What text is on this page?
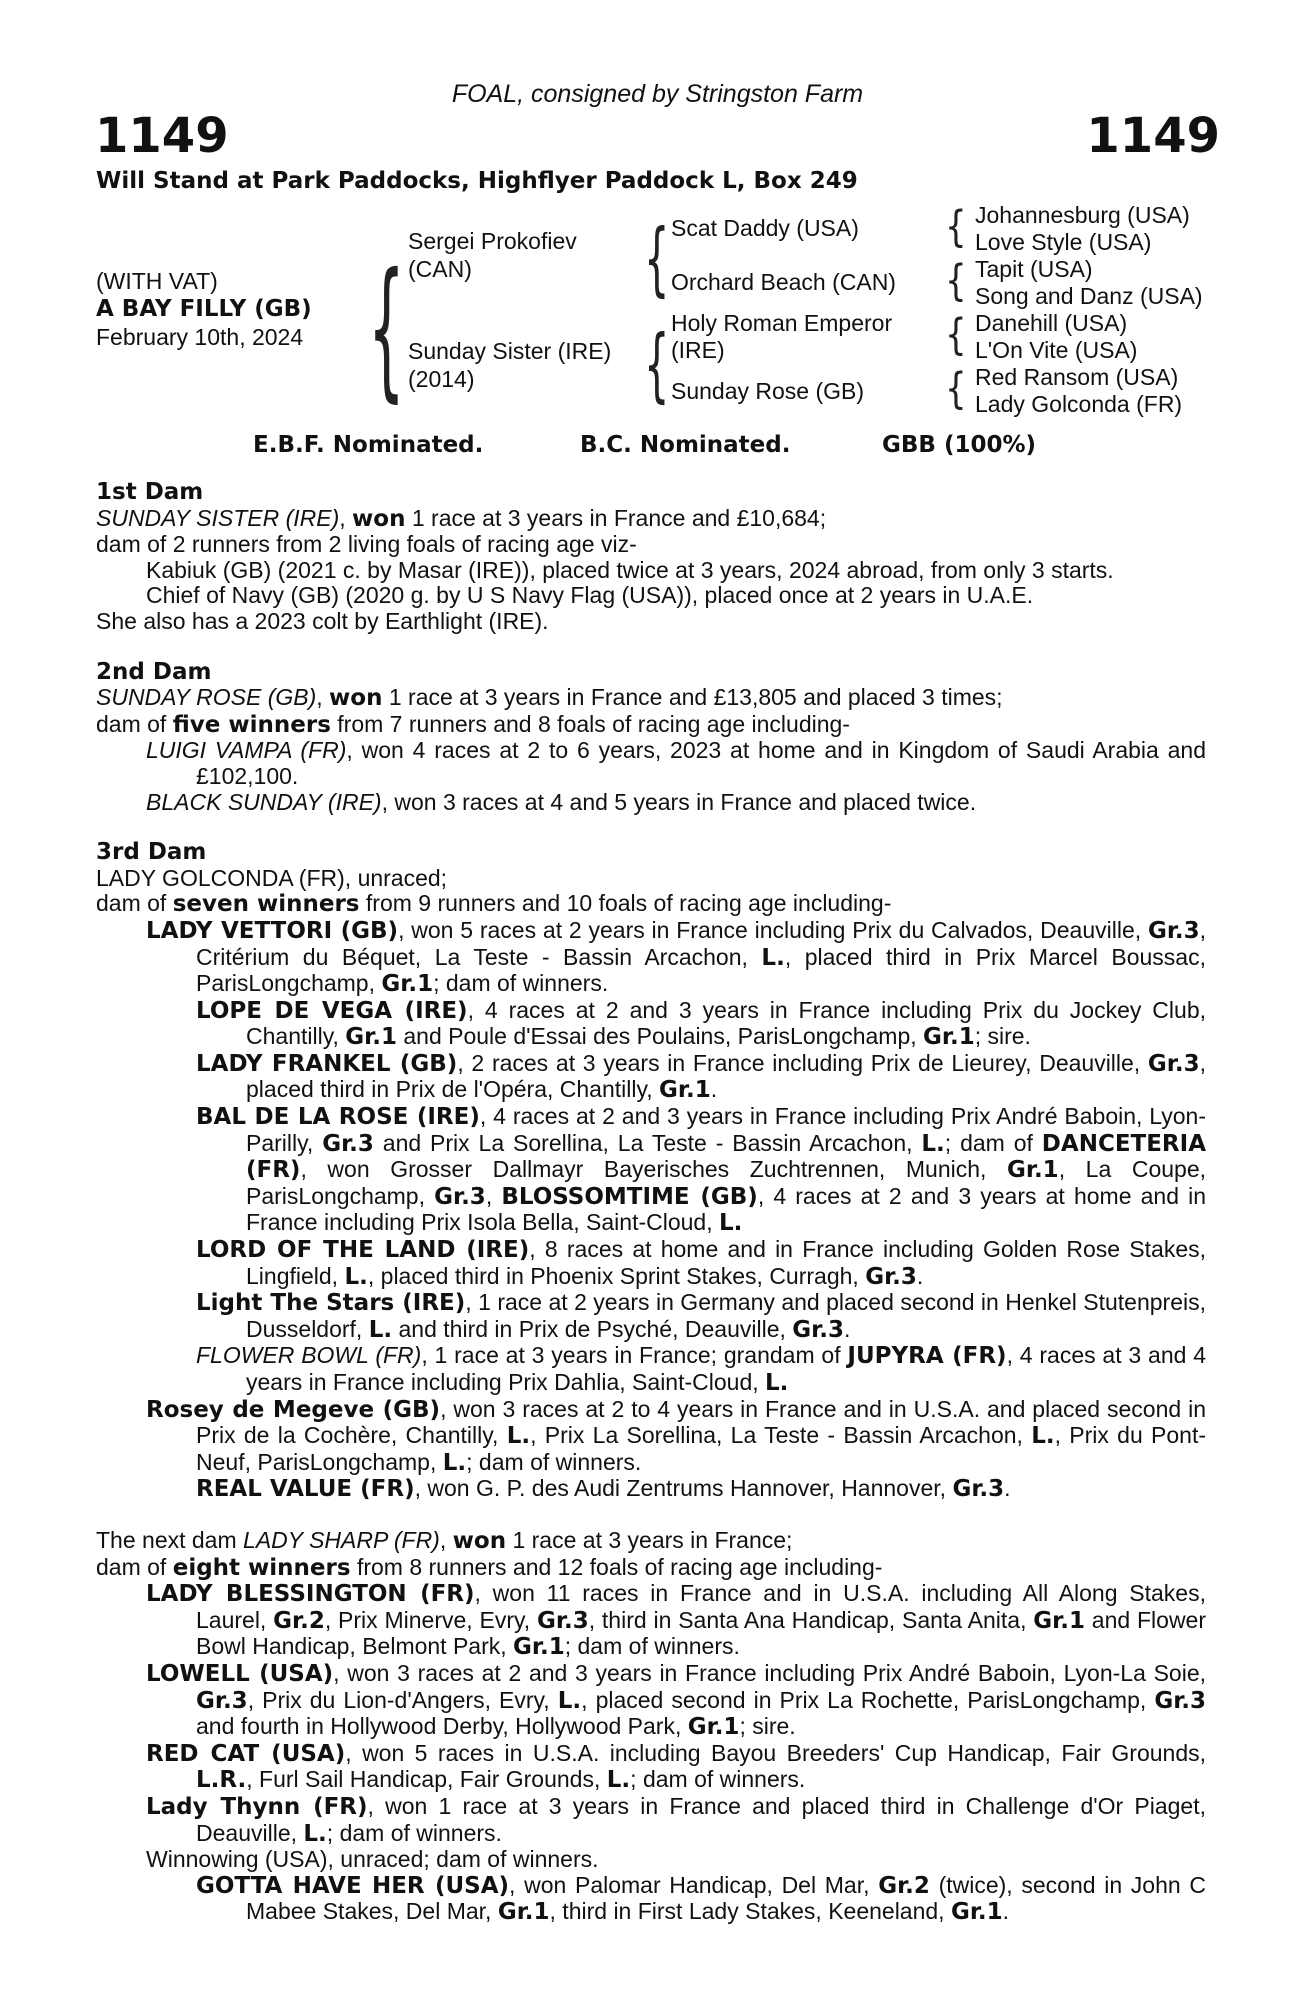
FOAL, consigned by Stringston Farm
1149	1149
Will Stand at Park Paddocks, Highflyer Paddock L, Box 249
(WITH VAT)
A BAY FILLY (GB)
February 10th, 2024 { Sergei Prokofiev
(CAN)
Sunday Sister (IRE)
(2014)
{
{
Scat Daddy (USA)
Orchard Beach (CAN)
Holy Roman Emperor
(IRE)
Sunday Rose (GB)
{
{
{
{
Johannesburg (USA)
Love Style (USA)
Tapit (USA)
Song and Danz (USA)
Danehill (USA)
L'On Vite (USA)
Red Ransom (USA)
Lady Golconda (FR)
E.B.F. Nominated.	B.C. Nominated.	GBB (100%)
1st Dam
SUNDAY SISTER (IRE), won 1 race at 3 years in France and £10,684;
dam of 2 runners from 2 living foals of racing age viz-
Kabiuk (GB) (2021 c. by Masar (IRE)), placed twice at 3 years, 2024 abroad, from only 3 starts.
Chief of Navy (GB) (2020 g. by U S Navy Flag (USA)), placed once at 2 years in U.A.E.
She also has a 2023 colt by Earthlight (IRE).
2nd Dam
SUNDAY ROSE (GB), won 1 race at 3 years in France and £13,805 and placed 3 times;
dam of five winners from 7 runners and 8 foals of racing age including-
LUIGI VAMPA (FR), won 4 races at 2 to 6 years, 2023 at home and in Kingdom of Saudi Arabia and £102,100.
BLACK SUNDAY (IRE), won 3 races at 4 and 5 years in France and placed twice.
3rd Dam
LADY GOLCONDA (FR), unraced;
dam of seven winners from 9 runners and 10 foals of racing age including-
LADY VETTORI (GB), won 5 races at 2 years in France including Prix du Calvados, Deauville, Gr.3, Critérium du Béquet, La Teste - Bassin Arcachon, L., placed third in Prix Marcel Boussac, ParisLongchamp, Gr.1; dam of winners.
LOPE DE VEGA (IRE), 4 races at 2 and 3 years in France including Prix du Jockey Club, Chantilly, Gr.1 and Poule d'Essai des Poulains, ParisLongchamp, Gr.1; sire.
LADY FRANKEL (GB), 2 races at 3 years in France including Prix de Lieurey, Deauville, Gr.3, placed third in Prix de l'Opéra, Chantilly, Gr.1.
BAL DE LA ROSE (IRE), 4 races at 2 and 3 years in France including Prix André Baboin, Lyon-Parilly, Gr.3 and Prix La Sorellina, La Teste - Bassin Arcachon, L.; dam of DANCETERIA (FR), won Grosser Dallmayr Bayerisches Zuchtrennen, Munich, Gr.1, La Coupe, ParisLongchamp, Gr.3, BLOSSOMTIME (GB), 4 races at 2 and 3 years at home and in France including Prix Isola Bella, Saint-Cloud, L.
LORD OF THE LAND (IRE), 8 races at home and in France including Golden Rose Stakes, Lingfield, L., placed third in Phoenix Sprint Stakes, Curragh, Gr.3.
Light The Stars (IRE), 1 race at 2 years in Germany and placed second in Henkel Stutenpreis, Dusseldorf, L. and third in Prix de Psyché, Deauville, Gr.3.
FLOWER BOWL (FR), 1 race at 3 years in France; grandam of JUPYRA (FR), 4 races at 3 and 4 years in France including Prix Dahlia, Saint-Cloud, L.
Rosey de Megeve (GB), won 3 races at 2 to 4 years in France and in U.S.A. and placed second in Prix de la Cochère, Chantilly, L., Prix La Sorellina, La Teste - Bassin Arcachon, L., Prix du Pont-Neuf, ParisLongchamp, L.; dam of winners.
REAL VALUE (FR), won G. P. des Audi Zentrums Hannover, Hannover, Gr.3.
The next dam LADY SHARP (FR), won 1 race at 3 years in France;
dam of eight winners from 8 runners and 12 foals of racing age including-
LADY BLESSINGTON (FR), won 11 races in France and in U.S.A. including All Along Stakes, Laurel, Gr.2, Prix Minerve, Evry, Gr.3, third in Santa Ana Handicap, Santa Anita, Gr.1 and Flower Bowl Handicap, Belmont Park, Gr.1; dam of winners.
LOWELL (USA), won 3 races at 2 and 3 years in France including Prix André Baboin, Lyon-La Soie, Gr.3, Prix du Lion-d'Angers, Evry, L., placed second in Prix La Rochette, ParisLongchamp, Gr.3 and fourth in Hollywood Derby, Hollywood Park, Gr.1; sire.
RED CAT (USA), won 5 races in U.S.A. including Bayou Breeders' Cup Handicap, Fair Grounds, L.R., Furl Sail Handicap, Fair Grounds, L.; dam of winners.
Lady Thynn (FR), won 1 race at 3 years in France and placed third in Challenge d'Or Piaget, Deauville, L.; dam of winners.
Winnowing (USA), unraced; dam of winners.
GOTTA HAVE HER (USA), won Palomar Handicap, Del Mar, Gr.2 (twice), second in John C Mabee Stakes, Del Mar, Gr.1, third in First Lady Stakes, Keeneland, Gr.1.
